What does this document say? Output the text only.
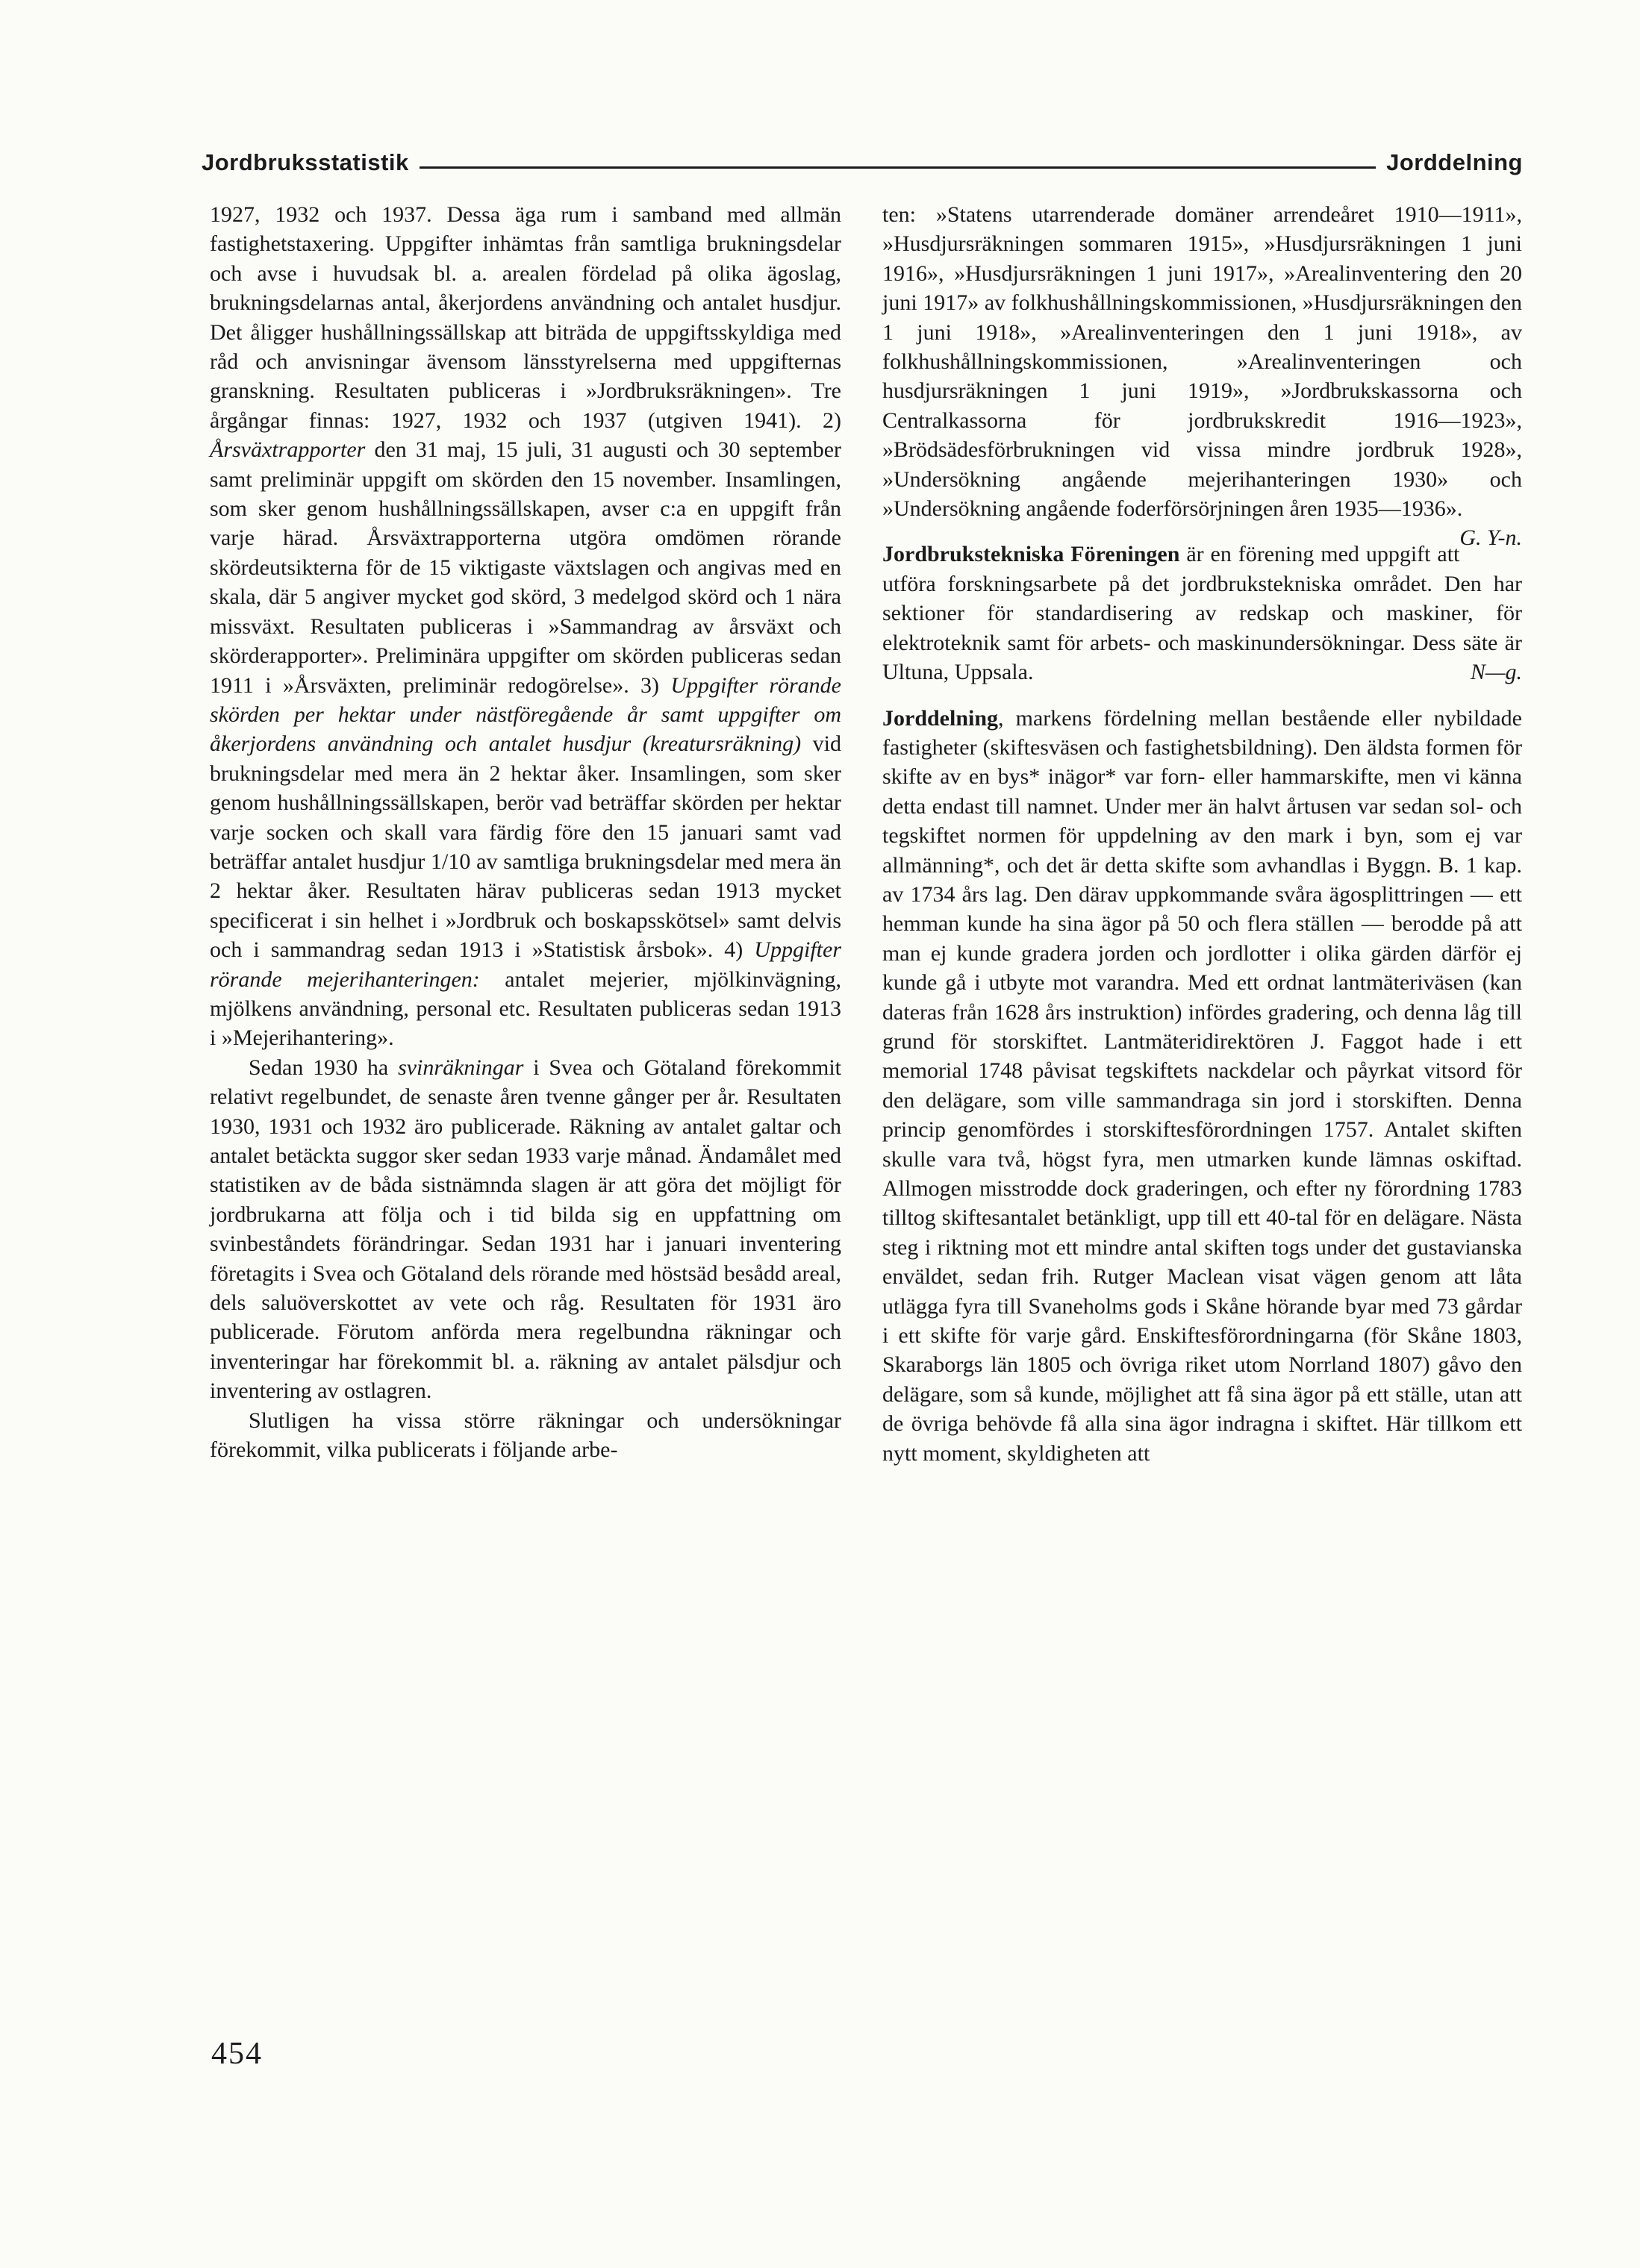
Jordbruksstatistik	Jorddelning

1927, 1932 och 1937. Dessa äga rum i samband med allmän fastighetstaxering. Uppgifter inhämtas från samtliga brukningsdelar och avse i huvudsak bl. a. arealen fördelad på olika ägoslag, brukningsdelarnas antal, åkerjordens användning och antalet husdjur. Det åligger hushållningssällskap att biträda de uppgiftsskyldiga med råd och anvisningar ävensom länsstyrelserna med uppgifternas granskning. Resultaten publiceras i »Jordbruksräkningen». Tre årgångar finnas: 1927, 1932 och 1937 (utgiven 1941). 2) Årsväxtrapporter den 31 maj, 15 juli, 31 augusti och 30 september samt preliminär uppgift om skörden den 15 november. Insamlingen, som sker genom hushållningssällskapen, avser c:a en uppgift från varje härad. Årsväxtrapporterna utgöra omdömen rörande skördeutsikterna för de 15 viktigaste växtslagen och angivas med en skala, där 5 angiver mycket god skörd, 3 medelgod skörd och 1 nära missväxt. Resultaten publiceras i »Sammandrag av årsväxt och skörderapporter». Preliminära uppgifter om skörden publiceras sedan 1911 i »Årsväxten, preliminär redogörelse». 3) Uppgifter rörande skörden per hektar under nästföregående år samt uppgifter om åkerjordens användning och antalet husdjur (kreatursräkning) vid brukningsdelar med mera än 2 hektar åker. Insamlingen, som sker genom hushållningssällskapen, berör vad beträffar skörden per hektar varje socken och skall vara färdig före den 15 januari samt vad beträffar antalet husdjur 1/10 av samtliga brukningsdelar med mera än 2 hektar åker. Resultaten härav publiceras sedan 1913 mycket specificerat i sin helhet i »Jordbruk och boskapsskötsel» samt delvis och i sammandrag sedan 1913 i »Statistisk årsbok». 4) Uppgifter rörande mejerihanteringen: antalet mejerier, mjölkinvägning, mjölkens användning, personal etc. Resultaten publiceras sedan 1913 i »Mejerihantering».

Sedan 1930 ha svinräkningar i Svea och Götaland förekommit relativt regelbundet, de senaste åren tvenne gånger per år. Resultaten 1930, 1931 och 1932 äro publicerade. Räkning av antalet galtar och antalet betäckta suggor sker sedan 1933 varje månad. Ändamålet med statistiken av de båda sistnämnda slagen är att göra det möjligt för jordbrukarna att följa och i tid bilda sig en uppfattning om svinbeståndets förändringar. Sedan 1931 har i januari inventering företagits i Svea och Götaland dels rörande med höstsäd besådd areal, dels saluöverskottet av vete och råg. Resultaten för 1931 äro publicerade. Förutom anförda mera regelbundna räkningar och inventeringar har förekommit bl. a. räkning av antalet pälsdjur och inventering av ostlagren.

Slutligen ha vissa större räkningar och undersökningar förekommit, vilka publicerats i följande arbe-

ten: »Statens utarrenderade domäner arrendeåret 1910—1911», »Husdjursräkningen sommaren 1915», »Husdjursräkningen 1 juni 1916», »Husdjursräkningen 1 juni 1917», »Arealinventering den 20 juni 1917» av folkhushållningskommissionen, »Husdjursräkningen den 1 juni 1918», »Arealinventeringen den 1 juni 1918», av folkhushållningskommissionen, »Arealinventeringen och husdjursräkningen 1 juni 1919», »Jordbrukskassorna och Centralkassorna för jordbrukskredit 1916—1923», »Brödsädesförbrukningen vid vissa mindre jordbruk 1928», »Undersökning angående mejerihanteringen 1930» och »Undersökning angående foderförsörjningen åren 1935—1936».
G. Y-n.

Jordbrukstekniska Föreningen är en förening med uppgift att utföra forskningsarbete på det jordbrukstekniska området. Den har sektioner för standardisering av redskap och maskiner, för elektroteknik samt för arbets- och maskinundersökningar. Dess säte är Ultuna, Uppsala.	N—g.

Jorddelning, markens fördelning mellan bestående eller nybildade fastigheter (skiftesväsen och fastighetsbildning). Den äldsta formen för skifte av en bys* inägor* var forn- eller hammarskifte, men vi känna detta endast till namnet. Under mer än halvt årtusen var sedan sol- och tegskiftet normen för uppdelning av den mark i byn, som ej var allmänning*, och det är detta skifte som avhandlas i Byggn. B. 1 kap. av 1734 års lag. Den därav uppkommande svåra ägosplittringen — ett hemman kunde ha sina ägor på 50 och flera ställen — berodde på att man ej kunde gradera jorden och jordlotter i olika gärden därför ej kunde gå i utbyte mot varandra. Med ett ordnat lantmäteriväsen (kan dateras från 1628 års instruktion) infördes gradering, och denna låg till grund för storskiftet. Lantmäteridirektören J. Faggot hade i ett memorial 1748 påvisat tegskiftets nackdelar och påyrkat vitsord för den delägare, som ville sammandraga sin jord i storskiften. Denna princip genomfördes i storskiftesförordningen 1757. Antalet skiften skulle vara två, högst fyra, men utmarken kunde lämnas oskiftad. Allmogen misstrodde dock graderingen, och efter ny förordning 1783 tilltog skiftesantalet betänkligt, upp till ett 40-tal för en delägare. Nästa steg i riktning mot ett mindre antal skiften togs under det gustavianska enväldet, sedan frih. Rutger Maclean visat vägen genom att låta utlägga fyra till Svaneholms gods i Skåne hörande byar med 73 gårdar i ett skifte för varje gård. Enskiftesförordningarna (för Skåne 1803, Skaraborgs län 1805 och övriga riket utom Norrland 1807) gåvo den delägare, som så kunde, möjlighet att få sina ägor på ett ställe, utan att de övriga behövde få alla sina ägor indragna i skiftet. Här tillkom ett nytt moment, skyldigheten att

454
